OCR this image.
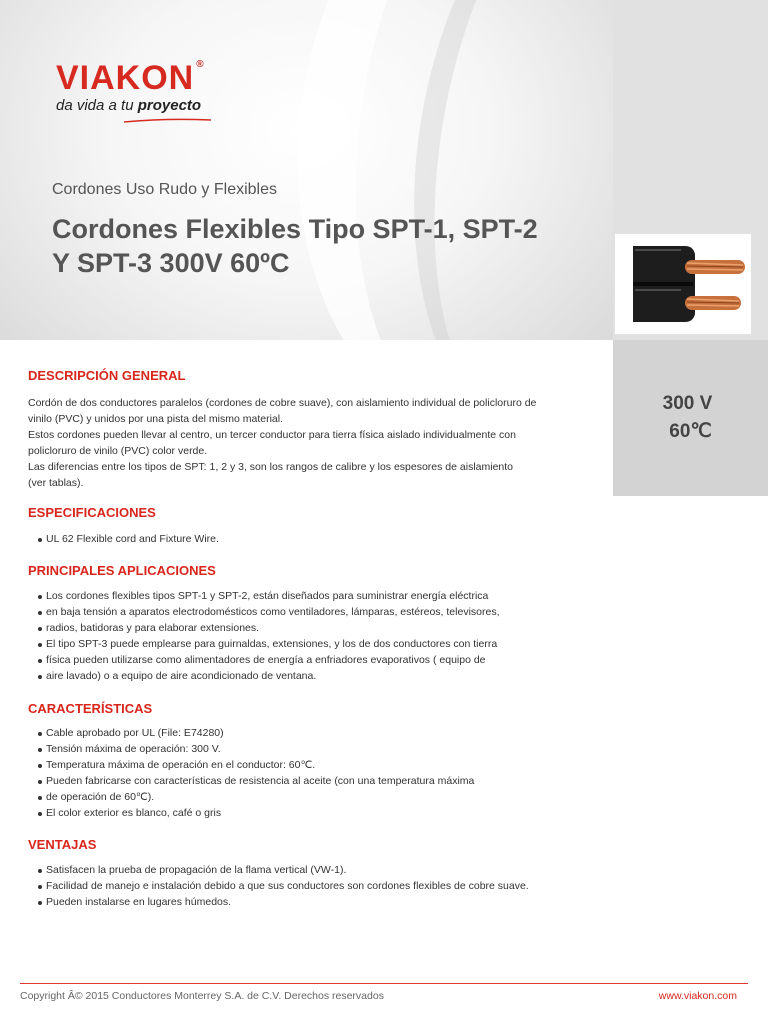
VIAKON ®
da vida a tu proyecto
Cordones Uso Rudo y Flexibles
Cordones Flexibles Tipo SPT-1, SPT-2
Y SPT-3 300V 60ºC
300 V
60℃
DESCRIPCIÓN GENERAL
Cordón de dos conductores paralelos (cordones de cobre suave), con aislamiento individual de policloruro de
vinilo (PVC) y unidos por una pista del mismo material.
Estos cordones pueden llevar al centro, un tercer conductor para tierra física aislado individualmente con
policloruro de vinilo (PVC) color verde.
Las diferencias entre los tipos de SPT: 1, 2 y 3, son los rangos de calibre y los espesores de aislamiento
(ver tablas).
ESPECIFICACIONES
UL 62 Flexible cord and Fixture Wire.
PRINCIPALES APLICACIONES
Los cordones flexibles tipos SPT-1 y SPT-2, están diseñados para suministrar energía eléctrica
en baja tensión a aparatos electrodomésticos como ventiladores, lámparas, estéreos, televisores,
radios, batidoras y para elaborar extensiones.
El tipo SPT-3 puede emplearse para guirnaldas, extensiones, y los de dos conductores con tierra
física pueden utilizarse como alimentadores de energía a enfriadores evaporativos ( equipo de
aire lavado) o a equipo de aire acondicionado de ventana.
CARACTERÍSTICAS
Cable aprobado por UL (File: E74280)
Tensión máxima de operación: 300 V.
Temperatura máxima de operación en el conductor: 60℃.
Pueden fabricarse con características de resistencia al aceite (con una temperatura máxima
de operación de 60℃).
El color exterior es blanco, café o gris
VENTAJAS
Satisfacen la prueba de propagación de la flama vertical (VW-1).
Facilidad de manejo e instalación debido a que sus conductores son cordones flexibles de cobre suave.
Pueden instalarse en lugares húmedos.
Copyright Â© 2015 Conductores Monterrey S.A. de C.V. Derechos reservados	www.viakon.com
